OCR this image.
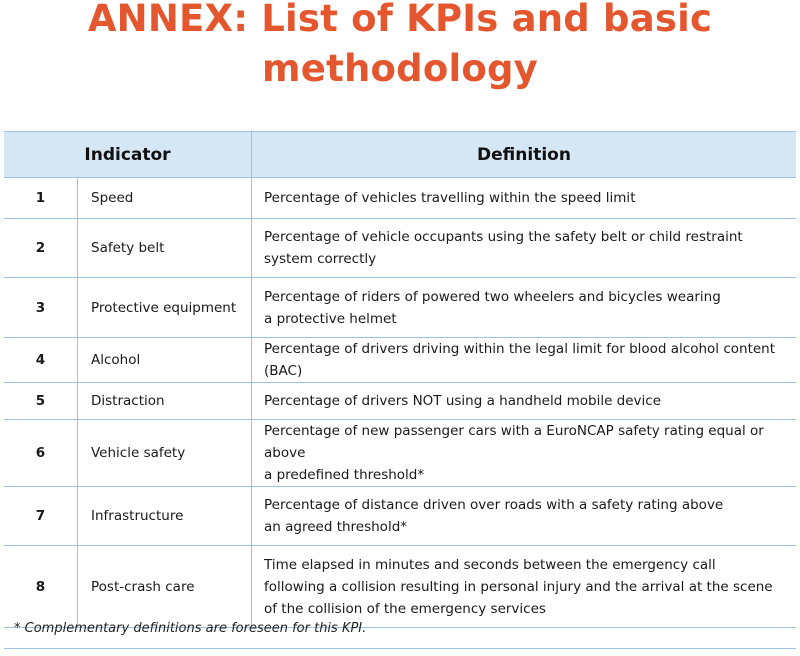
ANNEX: List of KPIs and basic
methodology
Indicator		Definition
1	Speed	Percentage of vehicles travelling within the speed limit

2	Safety belt	Percentage of vehicle occupants using the safety belt or child restraint
system correctly

3	Protective equipment	Percentage of riders of powered two wheelers and bicycles wearing
a protective helmet

4	Alcohol	Percentage of drivers driving within the legal limit for blood alcohol content (BAC)

5	Distraction	Percentage of drivers NOT using a handheld mobile device

6	Vehicle safety	Percentage of new passenger cars with a EuroNCAP safety rating equal or above
a predefined threshold*

7	Infrastructure	Percentage of distance driven over roads with a safety rating above
an agreed threshold*

8	Post-crash care	Time elapsed in minutes and seconds between the emergency call
following a collision resulting in personal injury and the arrival at the scene
of the collision of the emergency services
* Complementary definitions are foreseen for this KPI.
